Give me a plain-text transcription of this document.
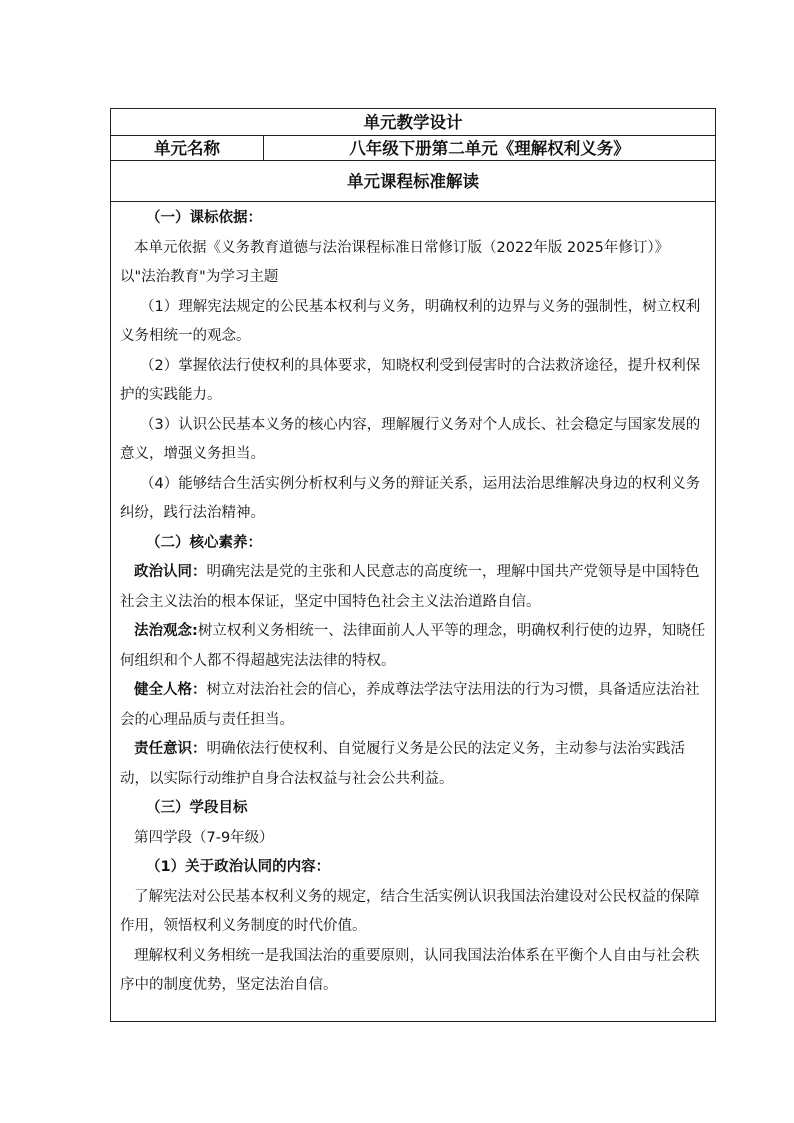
单元教学设计
单元名称	八年级下册第二单元《理解权利义务》
单元课程标准解读

（一）课标依据：

本单元依据《义务教育道德与法治课程标准日常修订版（2022年版 2025年修订）》

以"法治教育"为学习主题

（1）理解宪法规定的公民基本权利与义务，明确权利的边界与义务的强制性，树立权利义务相统一的观念。

（2）掌握依法行使权利的具体要求，知晓权利受到侵害时的合法救济途径，提升权利保护的实践能力。

（3）认识公民基本义务的核心内容，理解履行义务对个人成长、社会稳定与国家发展的意义，增强义务担当。

（4）能够结合生活实例分析权利与义务的辩证关系，运用法治思维解决身边的权利义务纠纷，践行法治精神。

（二）核心素养：

政治认同：明确宪法是党的主张和人民意志的高度统一，理解中国共产党领导是中国特色社会主义法治的根本保证，坚定中国特色社会主义法治道路自信。

法治观念:树立权利义务相统一、法律面前人人平等的理念，明确权利行使的边界，知晓任何组织和个人都不得超越宪法法律的特权。

健全人格：树立对法治社会的信心，养成尊法学法守法用法的行为习惯，具备适应法治社会的心理品质与责任担当。

责任意识：明确依法行使权利、自觉履行义务是公民的法定义务，主动参与法治实践活动，以实际行动维护自身合法权益与社会公共利益。

（三）学段目标

第四学段（7-9年级）

（1）关于政治认同的内容：

了解宪法对公民基本权利义务的规定，结合生活实例认识我国法治建设对公民权益的保障作用，领悟权利义务制度的时代价值。

理解权利义务相统一是我国法治的重要原则，认同我国法治体系在平衡个人自由与社会秩序中的制度优势，坚定法治自信。
